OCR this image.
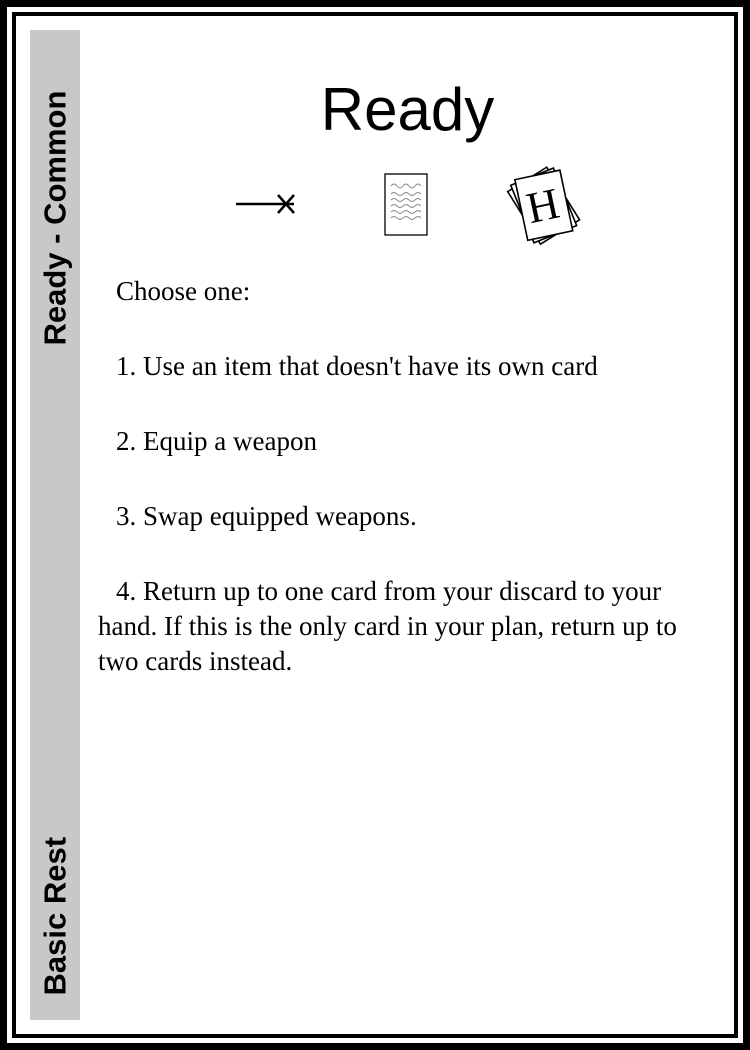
Ready - Common
Basic Rest
Ready
H

Choose one:

1. Use an item that doesn't have its own card

2. Equip a weapon

3. Swap equipped weapons.

4. Return up to one card from your discard to your hand. If this is the only card in your plan, return up to two cards instead.
